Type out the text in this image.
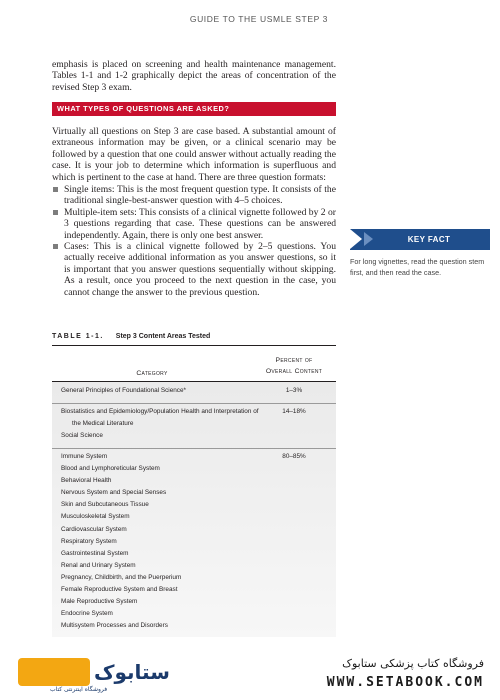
GUIDE TO THE USMLE STEP 3
emphasis is placed on screening and health maintenance management. Tables 1-1 and 1-2 graphically depict the areas of concentration of the revised Step 3 exam.
WHAT TYPES OF QUESTIONS ARE ASKED?
Virtually all questions on Step 3 are case based. A substantial amount of extraneous information may be given, or a clinical scenario may be followed by a question that one could answer without actually reading the case. It is your job to determine which information is superfluous and which is pertinent to the case at hand. There are three question formats:
Single items: This is the most frequent question type. It consists of the traditional single-best-answer question with 4–5 choices.
Multiple-item sets: This consists of a clinical vignette followed by 2 or 3 questions regarding that case. These questions can be answered independently. Again, there is only one best answer.
Cases: This is a clinical vignette followed by 2–5 questions. You actually receive additional information as you answer questions, so it is important that you answer questions sequentially without skipping. As a result, once you proceed to the next question in the case, you cannot change the answer to the previous question.
KEY FACT
For long vignettes, read the question stem first, and then read the case.
TABLE 1-1. Step 3 Content Areas Tested
Category
Percent of
Overall Content
General Principles of Foundational Science*	1–3%
Biostatistics and Epidemiology/Population Health and Interpretation of	14–18%
the Medical Literature
Social Science
Immune System	80–85%
Blood and Lymphoreticular System
Behavioral Health
Nervous System and Special Senses
Skin and Subcutaneous Tissue
Musculoskeletal System
Cardiovascular System
Respiratory System
Gastrointestinal System
Renal and Urinary System
Pregnancy, Childbirth, and the Puerperium
Female Reproductive System and Breast
Male Reproductive System
Endocrine System
Multisystem Processes and Disorders
ستابوک
فروشگاه اینترنتی کتاب
فروشگاه کتاب پزشکی ستابوک
WWW.SETABOOK.COM
